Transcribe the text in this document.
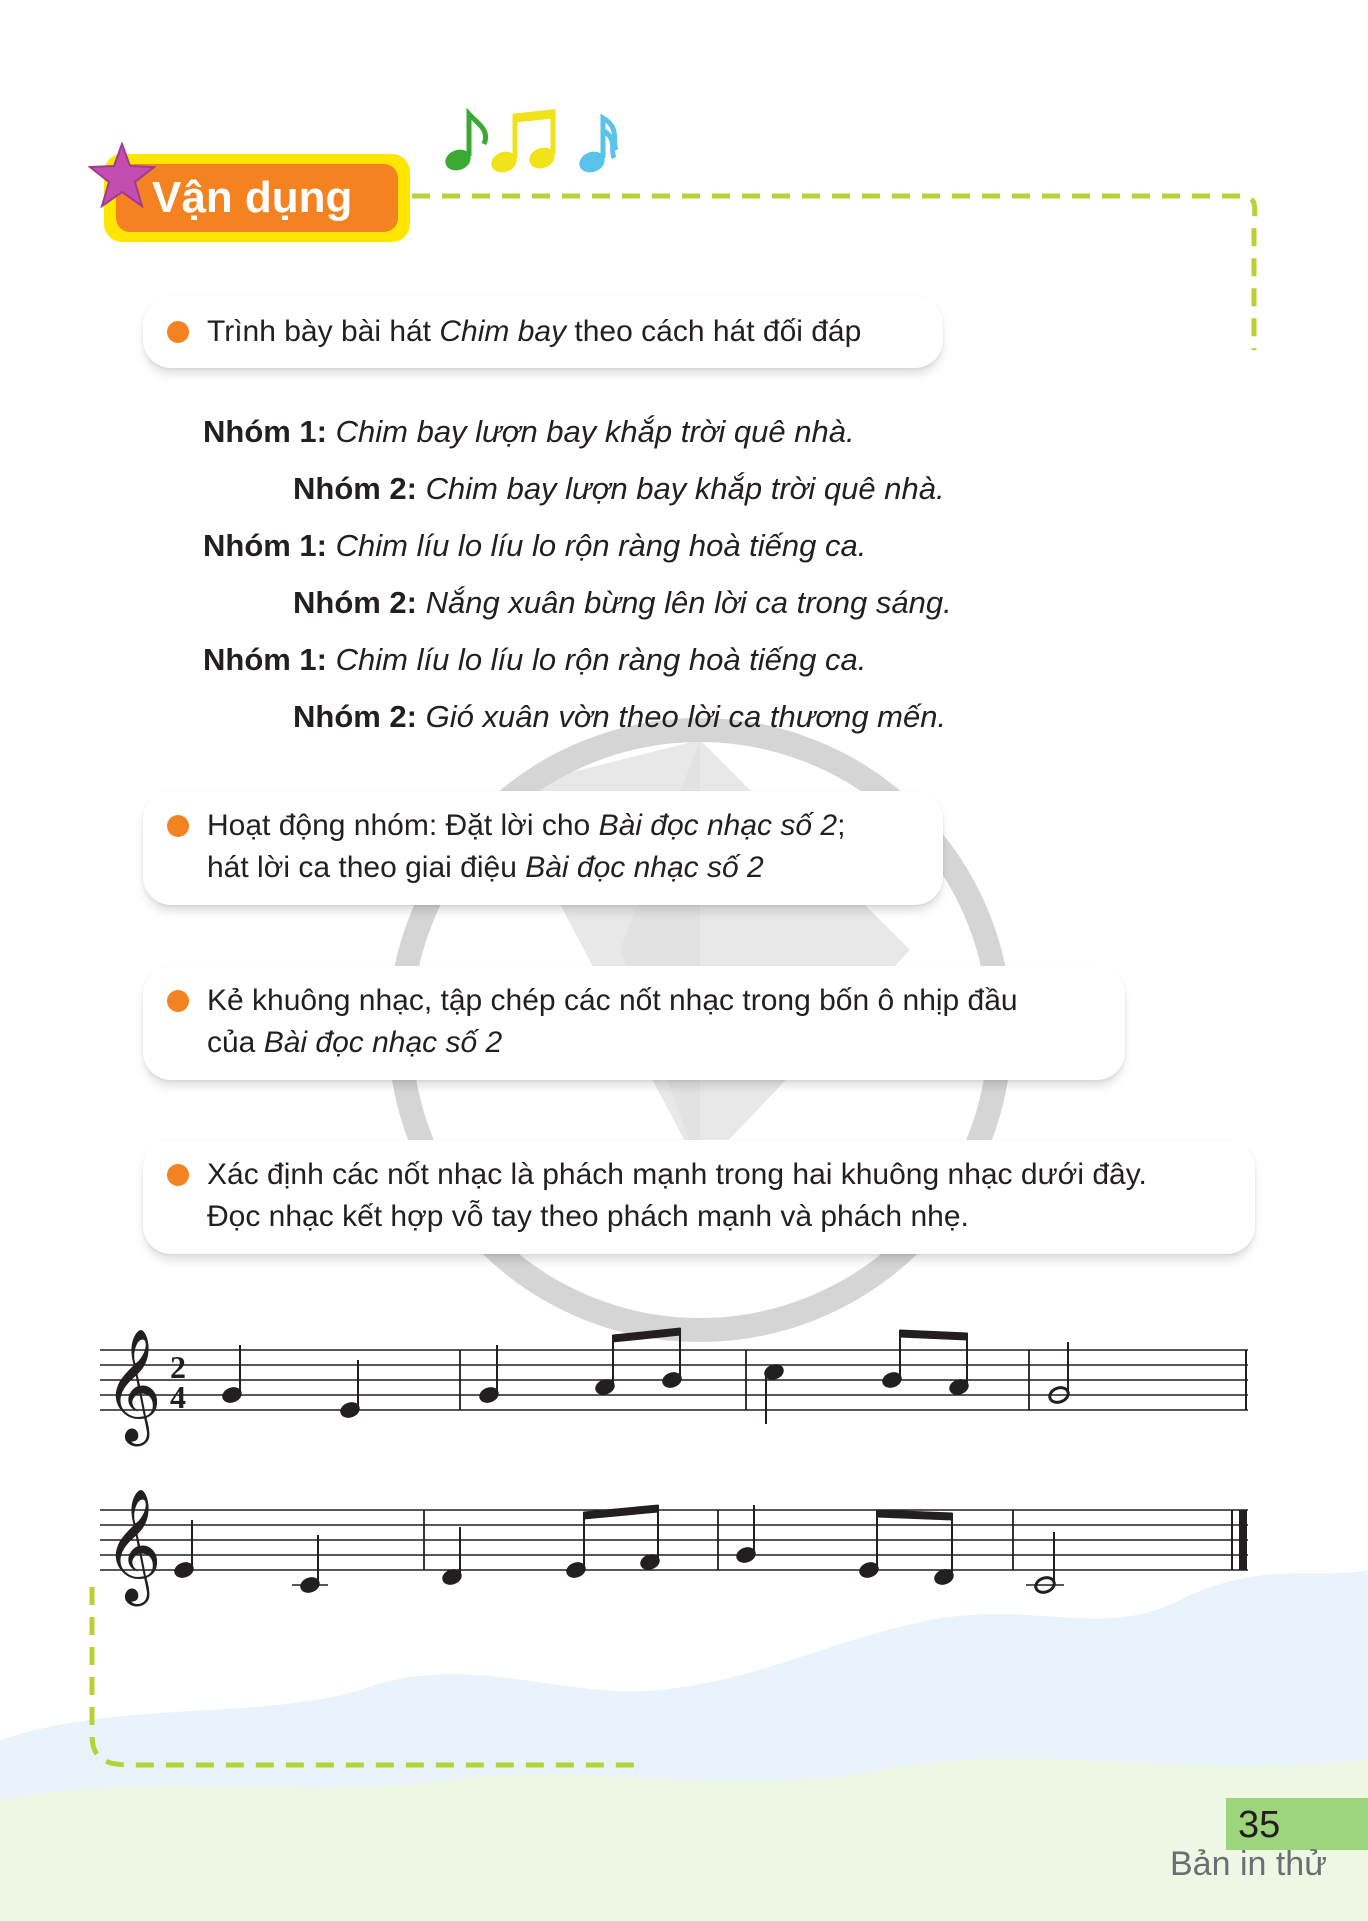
Vận dụng
Trình bày bài hát Chim bay theo cách hát đối đáp
Nhóm 1: Chim bay lượn bay khắp trời quê nhà.
Nhóm 2: Chim bay lượn bay khắp trời quê nhà.
Nhóm 1: Chim líu lo líu lo rộn ràng hoà tiếng ca.
Nhóm 2: Nắng xuân bừng lên lời ca trong sáng.
Nhóm 1: Chim líu lo líu lo rộn ràng hoà tiếng ca.
Nhóm 2: Gió xuân vờn theo lời ca thương mến.
Hoạt động nhóm: Đặt lời cho Bài đọc nhạc số 2;
hát lời ca theo giai điệu Bài đọc nhạc số 2
Kẻ khuông nhạc, tập chép các nốt nhạc trong bốn ô nhịp đầu
của Bài đọc nhạc số 2
Xác định các nốt nhạc là phách mạnh trong hai khuông nhạc dưới đây.
Đọc nhạc kết hợp vỗ tay theo phách mạnh và phách nhẹ.
𝄞 2
4
𝄞
35
Bản in thử
